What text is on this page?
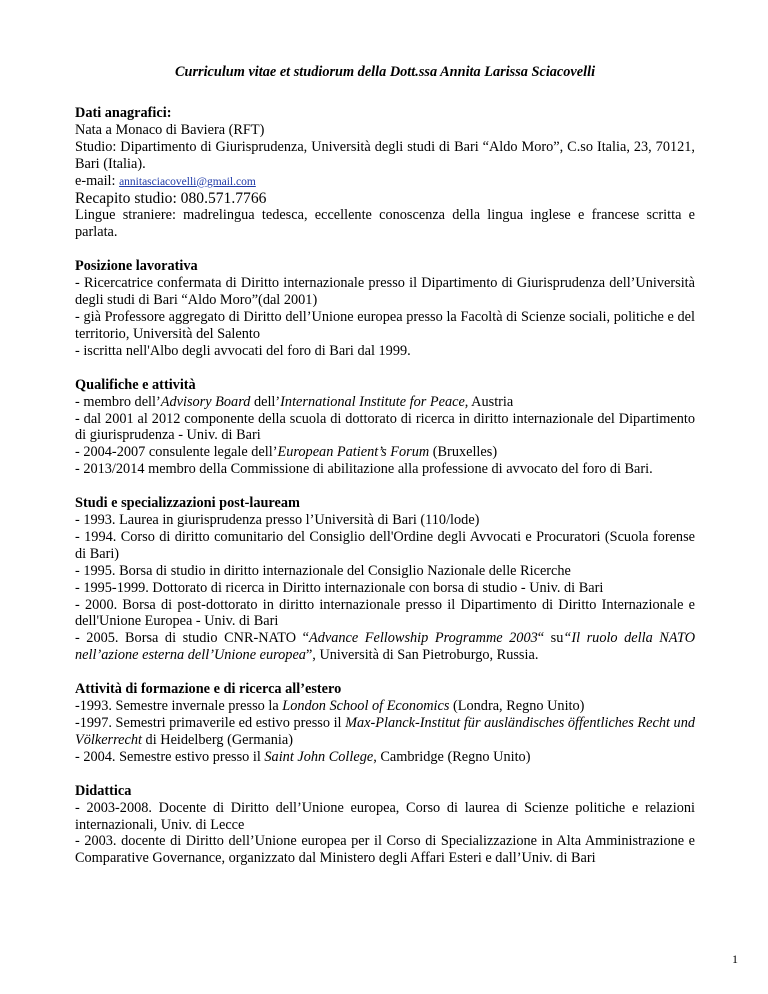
Curriculum vitae et studiorum della Dott.ssa Annita Larissa Sciacovelli

Dati anagrafici:

Nata a Monaco di Baviera (RFT)

Studio: Dipartimento di Giurisprudenza, Università degli studi di Bari “Aldo Moro”, C.so Italia, 23, 70121, Bari (Italia).

e-mail: annitasciacovelli@gmail.com

Recapito studio: 080.571.7766

Lingue straniere: madrelingua tedesca, eccellente conoscenza della lingua inglese e francese scritta e parlata.

Posizione lavorativa

- Ricercatrice confermata di Diritto internazionale presso il Dipartimento di Giurisprudenza dell’Università degli studi di Bari “Aldo Moro”(dal 2001)

- già Professore aggregato di Diritto dell’Unione europea presso la Facoltà di Scienze sociali, politiche e del territorio, Università del Salento

- iscritta nell'Albo degli avvocati del foro di Bari dal 1999.

Qualifiche e attività

- membro dell’Advisory Board dell’International Institute for Peace, Austria

- dal 2001 al 2012 componente della scuola di dottorato di ricerca in diritto internazionale del Dipartimento di giurisprudenza - Univ. di Bari

- 2004-2007 consulente legale dell’European Patient’s Forum (Bruxelles)

- 2013/2014 membro della Commissione di abilitazione alla professione di avvocato del foro di Bari.

Studi e specializzazioni post-lauream

- 1993. Laurea in giurisprudenza presso l’Università di Bari (110/lode)

- 1994. Corso di diritto comunitario del Consiglio dell'Ordine degli Avvocati e Procuratori (Scuola forense di Bari)

- 1995. Borsa di studio in diritto internazionale del Consiglio Nazionale delle Ricerche

- 1995-1999. Dottorato di ricerca in Diritto internazionale con borsa di studio - Univ. di Bari

- 2000. Borsa di post-dottorato in diritto internazionale presso il Dipartimento di Diritto Internazionale e dell'Unione Europea - Univ. di Bari

- 2005. Borsa di studio CNR-NATO “Advance Fellowship Programme 2003“ su“Il ruolo della NATO nell’azione esterna dell’Unione europea”, Università di San Pietroburgo, Russia.

Attività di formazione e di ricerca all’estero

-1993. Semestre invernale presso la London School of Economics (Londra, Regno Unito)

-1997. Semestri primaverile ed estivo presso il Max-Planck-Institut für ausländisches öffentliches Recht und Völkerrecht di Heidelberg (Germania)

- 2004. Semestre estivo presso il Saint John College, Cambridge (Regno Unito)

Didattica

- 2003-2008. Docente di Diritto dell’Unione europea, Corso di laurea di Scienze politiche e relazioni internazionali, Univ. di Lecce

- 2003. docente di Diritto dell’Unione europea per il Corso di Specializzazione in Alta Amministrazione e Comparative Governance, organizzato dal Ministero degli Affari Esteri e dall’Univ. di Bari

1
